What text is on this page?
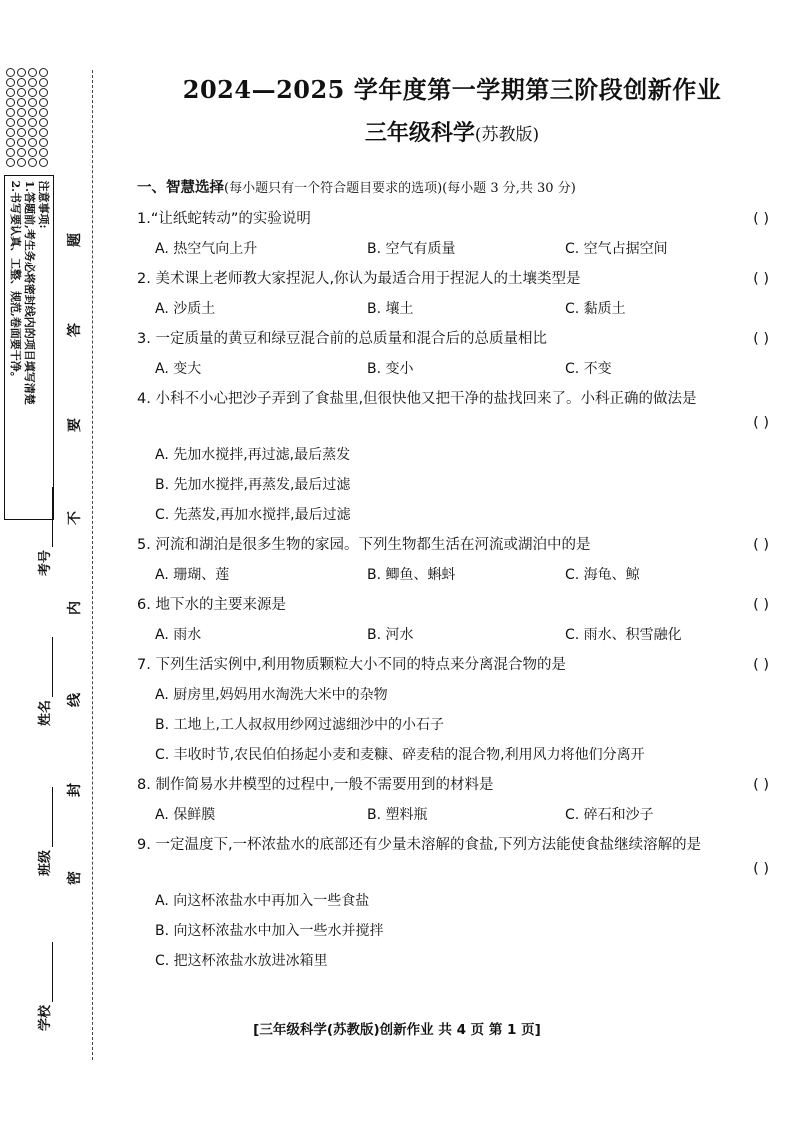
注意事项:
1.答题前,考生务必将密封线内的项目填写清楚
2.书写要认真、工整、规范,卷面要干净。
考号
姓名
班级
学校
题
答
要
不
内
线
封
密
2024—2025 学年度第一学期第三阶段创新作业
三年级科学(苏教版)
一、智慧选择(每小题只有一个符合题目要求的选项)(每小题 3 分,共 30 分)
1.“让纸蛇转动”的实验说明	( )
A. 热空气向上升	B. 空气有质量	C. 空气占据空间
2. 美术课上老师教大家捏泥人,你认为最适合用于捏泥人的土壤类型是	( )
A. 沙质土	B. 壤土	C. 黏质土
3. 一定质量的黄豆和绿豆混合前的总质量和混合后的总质量相比	( )
A. 变大	B. 变小	C. 不变
4. 小科不小心把沙子弄到了食盐里,但很快他又把干净的盐找回来了。小科正确的做法是
( )
A. 先加水搅拌,再过滤,最后蒸发
B. 先加水搅拌,再蒸发,最后过滤
C. 先蒸发,再加水搅拌,最后过滤
5. 河流和湖泊是很多生物的家园。下列生物都生活在河流或湖泊中的是	( )
A. 珊瑚、莲	B. 鲫鱼、蝌蚪	C. 海龟、鲸
6. 地下水的主要来源是	( )
A. 雨水	B. 河水	C. 雨水、积雪融化
7. 下列生活实例中,利用物质颗粒大小不同的特点来分离混合物的是	( )
A. 厨房里,妈妈用水淘洗大米中的杂物
B. 工地上,工人叔叔用纱网过滤细沙中的小石子
C. 丰收时节,农民伯伯扬起小麦和麦糠、碎麦秸的混合物,利用风力将他们分离开
8. 制作简易水井模型的过程中,一般不需要用到的材料是	( )
A. 保鲜膜	B. 塑料瓶	C. 碎石和沙子
9. 一定温度下,一杯浓盐水的底部还有少量未溶解的食盐,下列方法能使食盐继续溶解的是
( )
A. 向这杯浓盐水中再加入一些食盐
B. 向这杯浓盐水中加入一些水并搅拌
C. 把这杯浓盐水放进冰箱里
[三年级科学(苏教版)创新作业 共 4 页 第 1 页]
